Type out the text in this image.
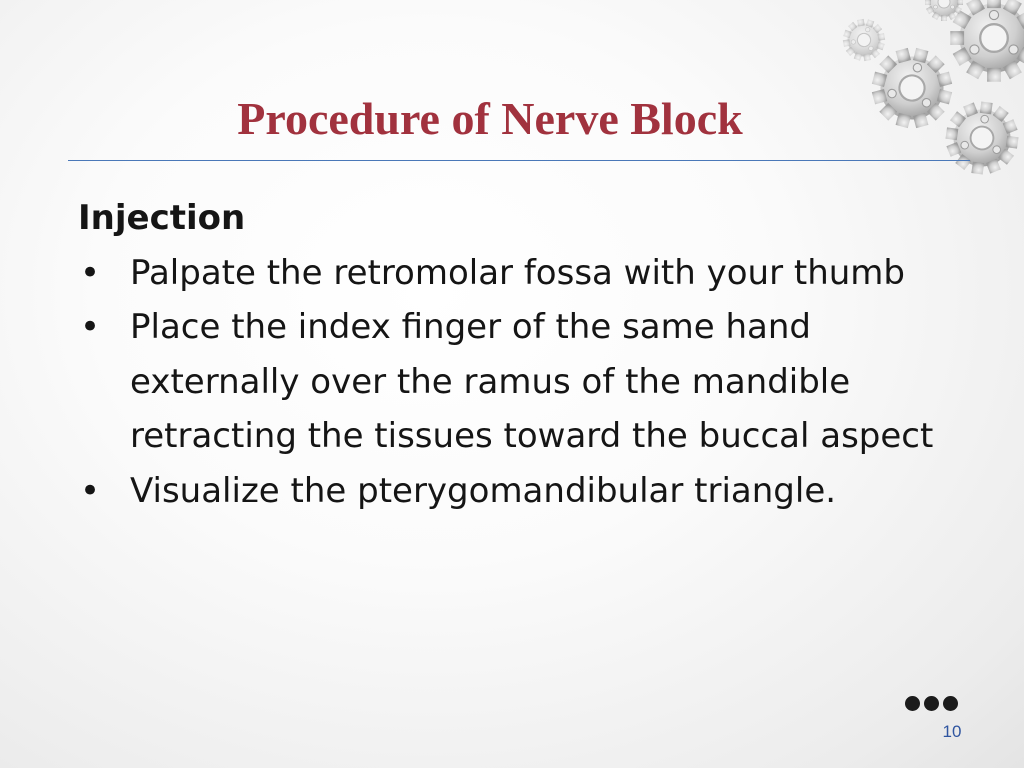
Procedure of Nerve Block

Injection

• Palpate the retromolar fossa with your thumb
• Place the index finger of the same hand externally over the ramus of the mandible retracting the tissues toward the buccal aspect
• Visualize the pterygomandibular triangle.
10
